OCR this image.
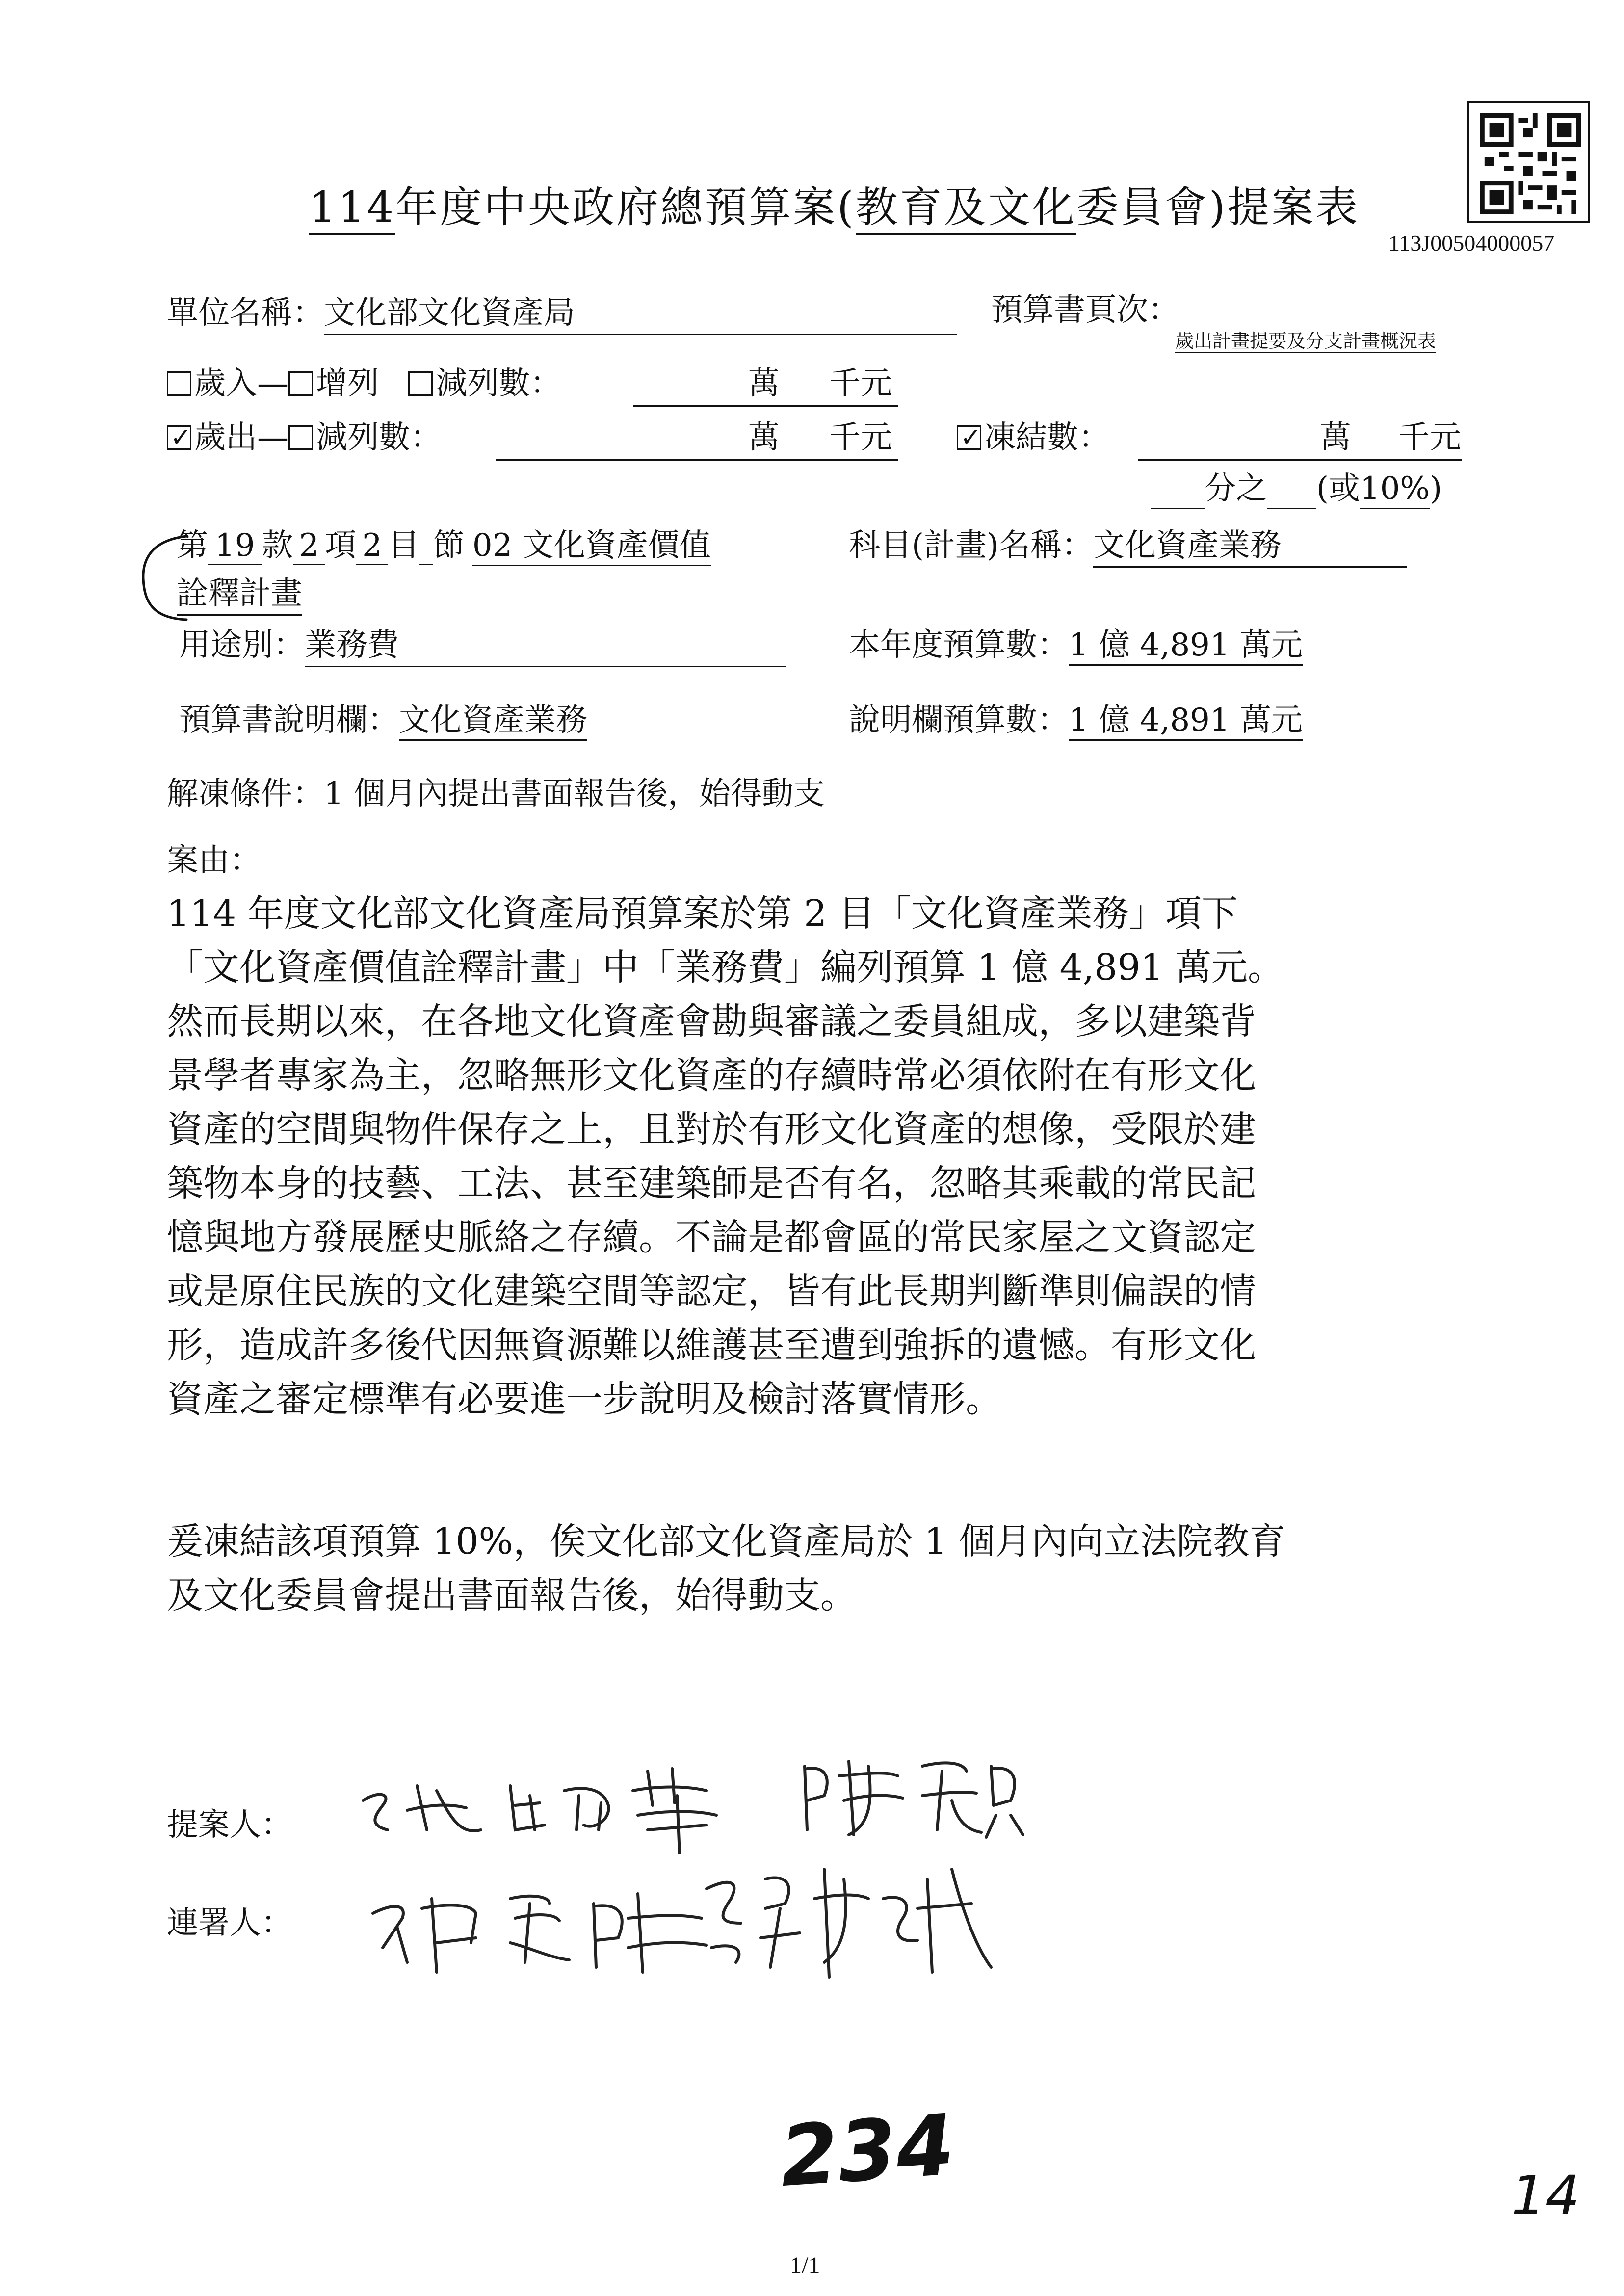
113J00504000057
114年度中央政府總預算案(教育及文化委員會)提案表
單位名稱：文化部文化資產局	預算書頁次：
歲出計畫提要及分支計畫概況表
歲入— 增列 減列數：	萬 千元
✓歲出— 減列數：	萬 千元
✓	凍結數：	萬 千元
分之 (或10%)
第 19 款 2 項 2 目 節 02 文化資產價值
詮釋計畫
科目(計畫)名稱：文化資產業務
用途別：業務費	本年度預算數：1 億 4,891 萬元
預算書說明欄：文化資產業務	說明欄預算數：1 億 4,891 萬元
解凍條件：1 個月內提出書面報告後，始得動支
案由：
114 年度文化部文化資產局預算案於第 2 目「文化資產業務」項下
「文化資產價值詮釋計畫」中「業務費」編列預算 1 億 4,891 萬元。
然而長期以來，在各地文化資產會勘與審議之委員組成，多以建築背
景學者專家為主，忽略無形文化資產的存續時常必須依附在有形文化
資產的空間與物件保存之上，且對於有形文化資產的想像，受限於建
築物本身的技藝、工法、甚至建築師是否有名，忽略其乘載的常民記
憶與地方發展歷史脈絡之存續。不論是都會區的常民家屋之文資認定
或是原住民族的文化建築空間等認定，皆有此長期判斷準則偏誤的情
形，造成許多後代因無資源難以維護甚至遭到強拆的遺憾。有形文化
資產之審定標準有必要進一步說明及檢討落實情形。
爰凍結該項預算 10%，俟文化部文化資產局於 1 個月內向立法院教育
及文化委員會提出書面報告後，始得動支。
提案人：
連署人：
234	14
1/1
